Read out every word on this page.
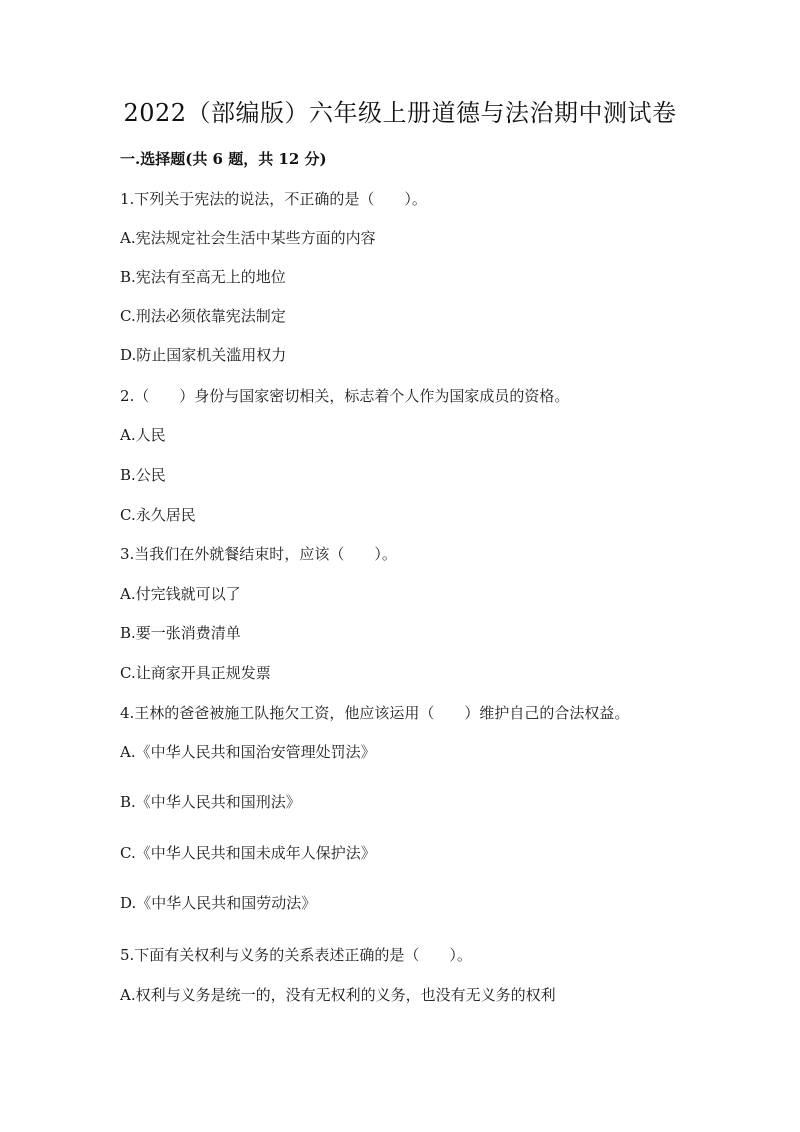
2022（部编版）六年级上册道德与法治期中测试卷
一.选择题(共 6 题，共 12 分)
1.下列关于宪法的说法，不正确的是（　　）。
A.宪法规定社会生活中某些方面的内容
B.宪法有至高无上的地位
C.刑法必须依靠宪法制定
D.防止国家机关滥用权力
2.（　　）身份与国家密切相关，标志着个人作为国家成员的资格。
A.人民
B.公民
C.永久居民
3.当我们在外就餐结束时，应该（　　）。
A.付完钱就可以了
B.要一张消费清单
C.让商家开具正规发票
4.王林的爸爸被施工队拖欠工资，他应该运用（　　）维护自己的合法权益。
A.《中华人民共和国治安管理处罚法》
B.《中华人民共和国刑法》
C.《中华人民共和国未成年人保护法》
D.《中华人民共和国劳动法》
5.下面有关权利与义务的关系表述正确的是（　　）。
A.权利与义务是统一的，没有无权利的义务，也没有无义务的权利
